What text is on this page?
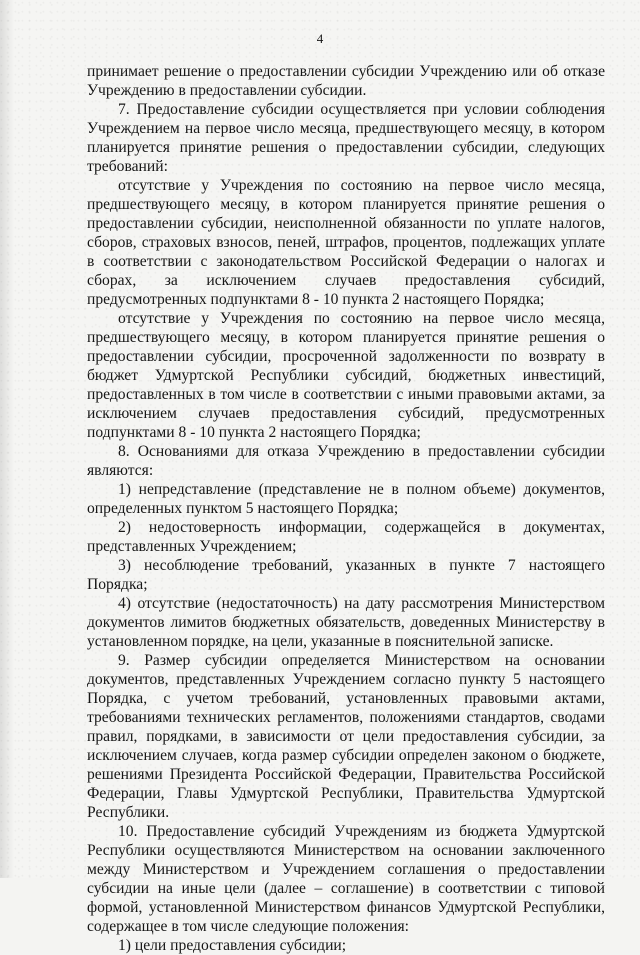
4

принимает решение о предоставлении субсидии Учреждению или об отказе Учреждению в предоставлении субсидии.

7. Предоставление субсидии осуществляется при условии соблюдения Учреждением на первое число месяца, предшествующего месяцу, в котором планируется принятие решения о предоставлении субсидии, следующих требований:

отсутствие у Учреждения по состоянию на первое число месяца, предшествующего месяцу, в котором планируется принятие решения о предоставлении субсидии, неисполненной обязанности по уплате налогов, сборов, страховых взносов, пеней, штрафов, процентов, подлежащих уплате в соответствии с законодательством Российской Федерации о налогах и сборах, за исключением случаев предоставления субсидий, предусмотренных подпунктами 8 - 10 пункта 2 настоящего Порядка;

отсутствие у Учреждения по состоянию на первое число месяца, предшествующего месяцу, в котором планируется принятие решения о предоставлении субсидии, просроченной задолженности по возврату в бюджет Удмуртской Республики субсидий, бюджетных инвестиций, предоставленных в том числе в соответствии с иными правовыми актами, за исключением случаев предоставления субсидий, предусмотренных подпунктами 8 - 10 пункта 2 настоящего Порядка;

8. Основаниями для отказа Учреждению в предоставлении субсидии являются:

1) непредставление (представление не в полном объеме) документов, определенных пунктом 5 настоящего Порядка;

2) недостоверность информации, содержащейся в документах, представленных Учреждением;

3) несоблюдение требований, указанных в пункте 7 настоящего Порядка;

4) отсутствие (недостаточность) на дату рассмотрения Министерством документов лимитов бюджетных обязательств, доведенных Министерству в установленном порядке, на цели, указанные в пояснительной записке.

9. Размер субсидии определяется Министерством на основании документов, представленных Учреждением согласно пункту 5 настоящего Порядка, с учетом требований, установленных правовыми актами, требованиями технических регламентов, положениями стандартов, сводами правил, порядками, в зависимости от цели предоставления субсидии, за исключением случаев, когда размер субсидии определен законом о бюджете, решениями Президента Российской Федерации, Правительства Российской Федерации, Главы Удмуртской Республики, Правительства Удмуртской Республики.

10. Предоставление субсидий Учреждениям из бюджета Удмуртской Республики осуществляются Министерством на основании заключенного между Министерством и Учреждением соглашения о предоставлении субсидии на иные цели (далее – соглашение) в соответствии с типовой формой, установленной Министерством финансов Удмуртской Республики, содержащее в том числе следующие положения:

1) цели предоставления субсидии;
